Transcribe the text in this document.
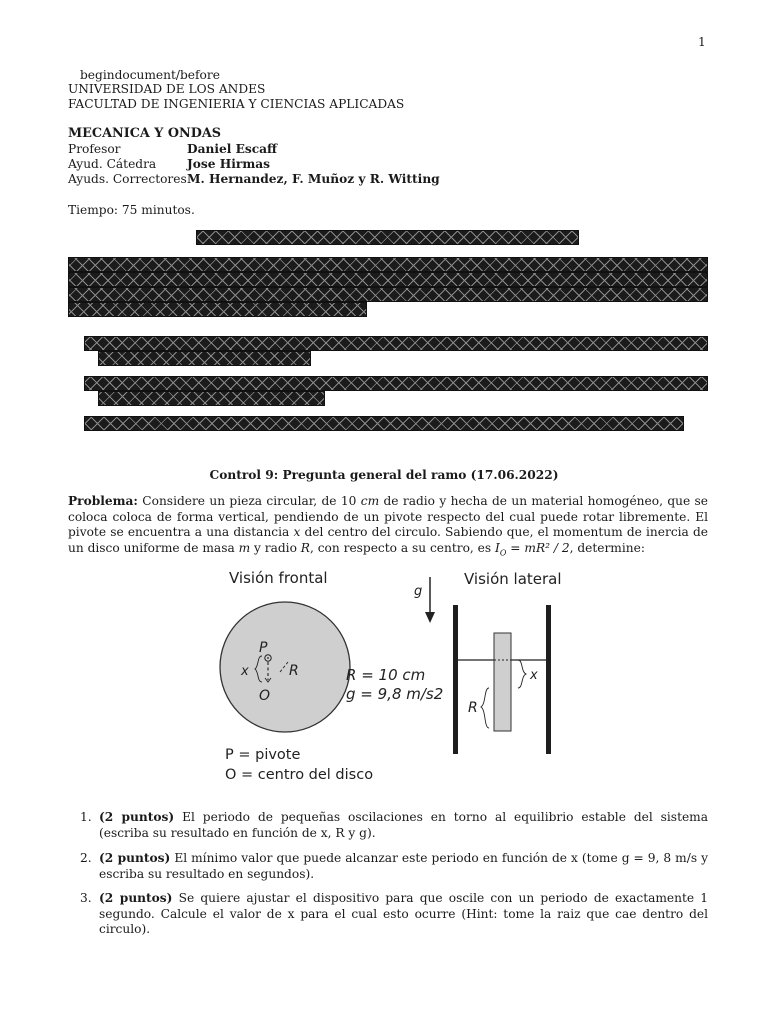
1
begindocument/before
UNIVERSIDAD DE LOS ANDES
FACULTAD DE INGENIERIA Y CIENCIAS APLICADAS
MECANICA Y ONDAS
Profesor	Daniel Escaff
Ayud. Cátedra	Jose Hirmas
Ayuds. Correctores M. Hernandez, F. Muñoz y R. Witting
Tiempo: 75 minutos.
Control 9: Pregunta general del ramo (17.06.2022)
Problema: Considere un pieza circular, de 10 cm de radio y hecha de un material homogéneo, que se coloca coloca de forma vertical, pendiendo de un pivote respecto del cual puede rotar libremente. El pivote se encuentra a una distancia x del centro del circulo. Sabiendo que, el momentum de inercia de un disco uniforme de masa m y radio R, con respecto a su centro, es $I_O = mR^2 / 2$, determine:
Visión frontal	Visión lateral
P
x	R
O
R = 10 cm
g = 9,8 m/s2
g
x
R
P = pivote
O = centro del disco
1. (2 puntos) El periodo de pequeñas oscilaciones en torno al equilibrio estable del sistema (escriba su resultado en función de x, R y g).
2. (2 puntos) El mínimo valor que puede alcanzar este periodo en función de x (tome g = 9, 8 m/s y escriba su resultado en segundos).
3. (2 puntos) Se quiere ajustar el dispositivo para que oscile con un periodo de exactamente 1 segundo. Calcule el valor de x para el cual esto ocurre (Hint: tome la raiz que cae dentro del circulo).
